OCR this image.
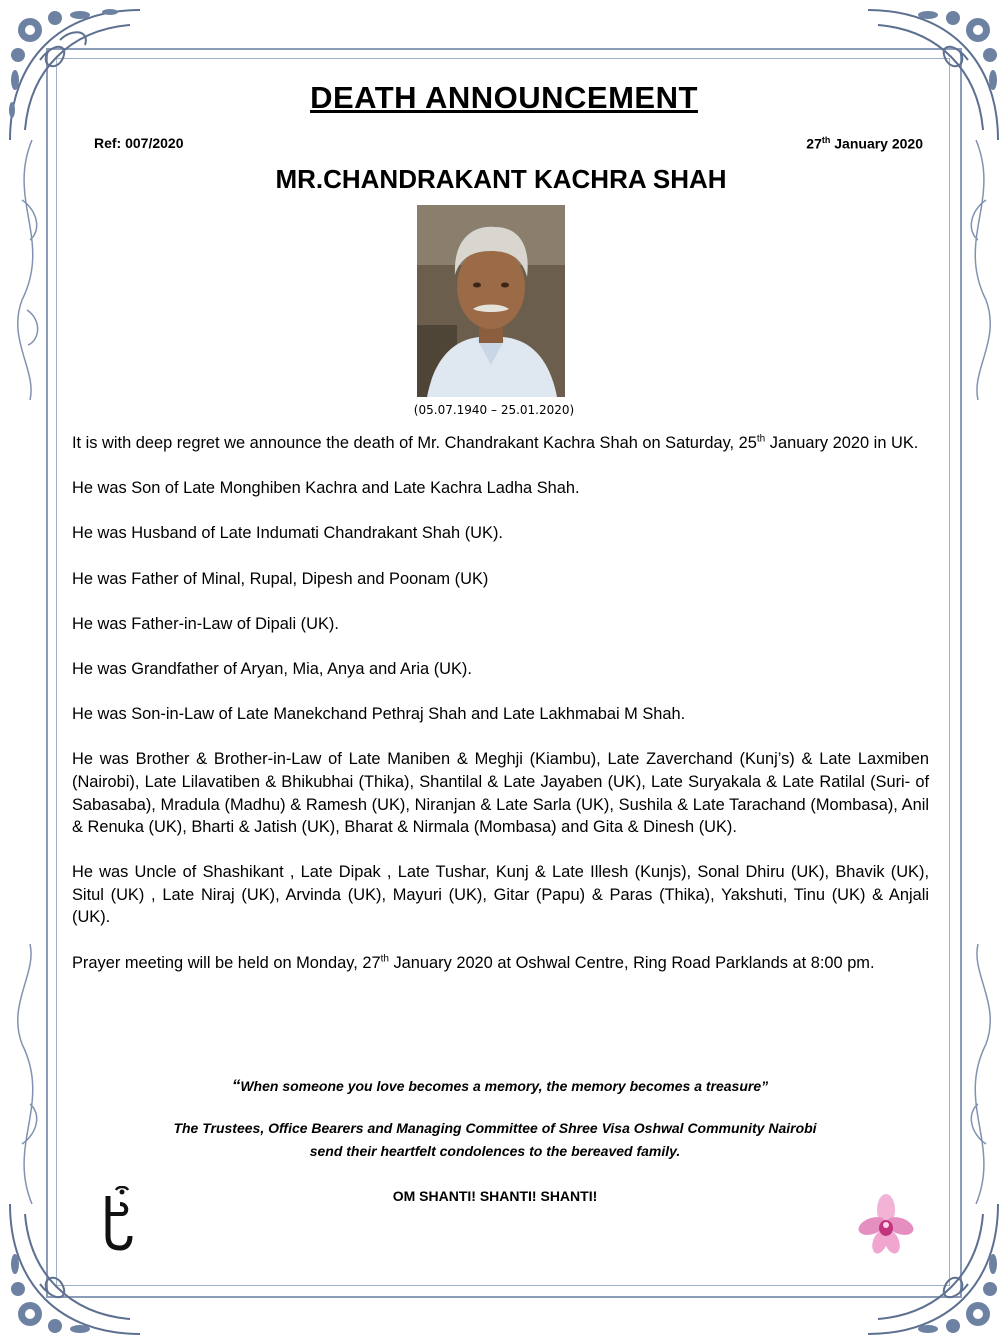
DEATH ANNOUNCEMENT
Ref: 007/2020	27th January 2020
MR.CHANDRAKANT KACHRA SHAH
(05.07.1940 – 25.01.2020)

It is with deep regret we announce the death of Mr. Chandrakant Kachra Shah on Saturday, 25th January 2020 in UK.

He was Son of Late Monghiben Kachra and Late Kachra Ladha Shah.

He was Husband of Late Indumati Chandrakant Shah (UK).

He was Father of Minal, Rupal, Dipesh and Poonam (UK)

He was Father-in-Law of Dipali (UK).

He was Grandfather of Aryan, Mia, Anya and Aria (UK).

He was Son-in-Law of Late Manekchand Pethraj Shah and Late Lakhmabai M Shah.

He was Brother & Brother-in-Law of Late Maniben & Meghji (Kiambu), Late Zaverchand (Kunj’s) & Late Laxmiben (Nairobi), Late Lilavatiben & Bhikubhai (Thika), Shantilal & Late Jayaben (UK), Late Suryakala & Late Ratilal (Suri- of Sabasaba), Mradula (Madhu) & Ramesh (UK), Niranjan & Late Sarla (UK), Sushila & Late Tarachand (Mombasa), Anil & Renuka (UK), Bharti & Jatish (UK), Bharat & Nirmala (Mombasa) and Gita & Dinesh (UK).

He was Uncle of Shashikant , Late Dipak , Late Tushar, Kunj & Late Illesh (Kunjs), Sonal Dhiru (UK), Bhavik (UK), Situl (UK) , Late Niraj (UK), Arvinda (UK), Mayuri (UK), Gitar (Papu) & Paras (Thika), Yakshuti, Tinu (UK) & Anjali (UK).

Prayer meeting will be held on Monday, 27th January 2020 at Oshwal Centre, Ring Road Parklands at 8:00 pm.

“When someone you love becomes a memory, the memory becomes a treasure”
The Trustees, Office Bearers and Managing Committee of Shree Visa Oshwal Community Nairobi
send their heartfelt condolences to the bereaved family.
OM SHANTI! SHANTI! SHANTI!
